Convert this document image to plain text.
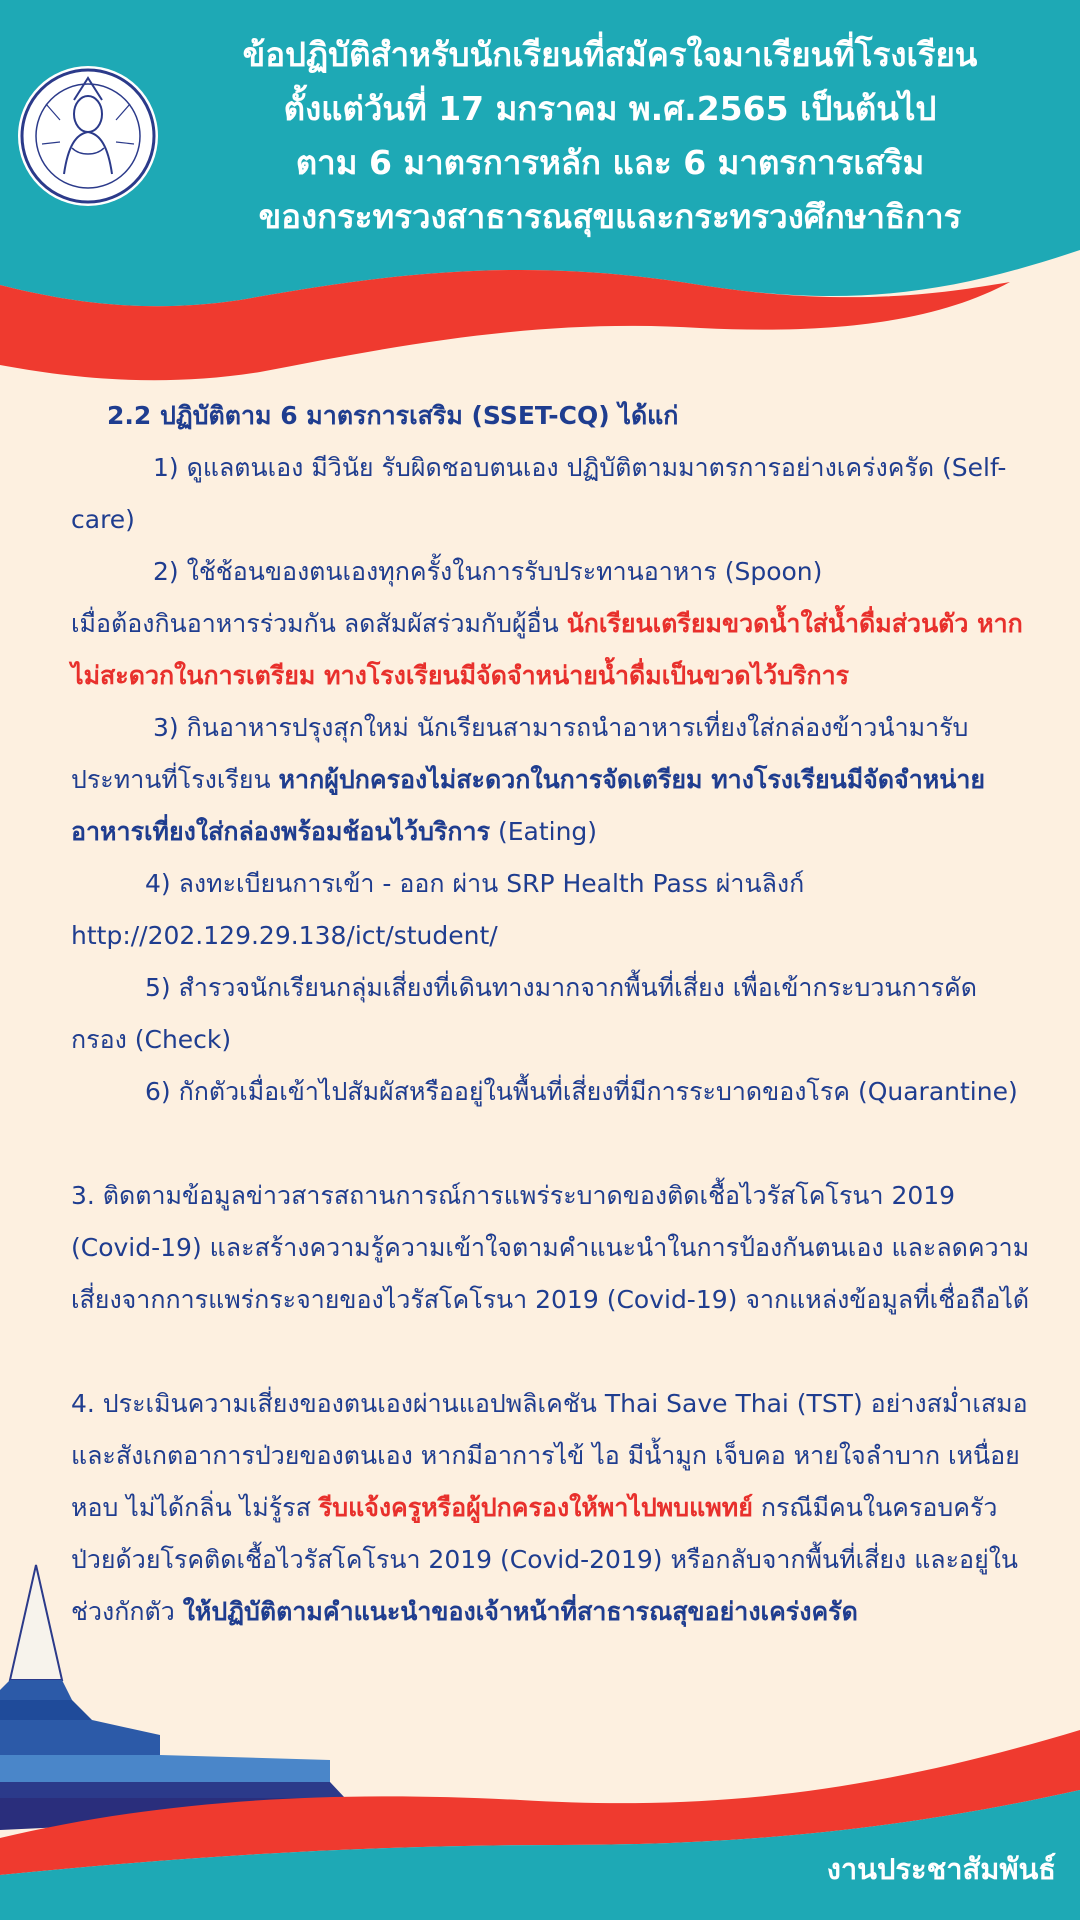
ข้อปฏิบัติสำหรับนักเรียนที่สมัครใจมาเรียนที่โรงเรียน
ตั้งแต่วันที่ 17 มกราคม พ.ศ.2565 เป็นต้นไป
ตาม 6 มาตรการหลัก และ 6 มาตรการเสริม
ของกระทรวงสาธารณสุขและกระทรวงศึกษาธิการ

2.2 ปฏิบัติตาม 6 มาตรการเสริม (SSET-CQ) ได้แก่

1) ดูแลตนเอง มีวินัย รับผิดชอบตนเอง ปฏิบัติตามมาตรการอย่างเคร่งครัด (Self-care)

2) ใช้ช้อนของตนเองทุกครั้งในการรับประทานอาหาร (Spoon)

เมื่อต้องกินอาหารร่วมกัน ลดสัมผัสร่วมกับผู้อื่น นักเรียนเตรียมขวดน้ำใส่น้ำดื่มส่วนตัว หากไม่สะดวกในการเตรียม ทางโรงเรียนมีจัดจำหน่ายน้ำดื่มเป็นขวดไว้บริการ

3) กินอาหารปรุงสุกใหม่ นักเรียนสามารถนำอาหารเที่ยงใส่กล่องข้าวนำมารับประทานที่โรงเรียน หากผู้ปกครองไม่สะดวกในการจัดเตรียม ทางโรงเรียนมีจัดจำหน่ายอาหารเที่ยงใส่กล่องพร้อมช้อนไว้บริการ (Eating)

4) ลงทะเบียนการเข้า - ออก ผ่าน SRP Health Pass ผ่านลิงก์

http://202.129.29.138/ict/student/

5) สำรวจนักเรียนกลุ่มเสี่ยงที่เดินทางมากจากพื้นที่เสี่ยง เพื่อเข้ากระบวนการคัดกรอง (Check)

6) กักตัวเมื่อเข้าไปสัมผัสหรืออยู่ในพื้นที่เสี่ยงที่มีการระบาดของโรค (Quarantine)

3. ติดตามข้อมูลข่าวสารสถานการณ์การแพร่ระบาดของติดเชื้อไวรัสโคโรนา 2019 (Covid-19) และสร้างความรู้ความเข้าใจตามคำแนะนำในการป้องกันตนเอง และลดความเสี่ยงจากการแพร่กระจายของไวรัสโคโรนา 2019 (Covid-19) จากแหล่งข้อมูลที่เชื่อถือได้

4. ประเมินความเสี่ยงของตนเองผ่านแอปพลิเคชัน Thai Save Thai (TST) อย่างสม่ำเสมอ และสังเกตอาการป่วยของตนเอง หากมีอาการไข้ ไอ มีน้ำมูก เจ็บคอ หายใจลำบาก เหนื่อยหอบ ไม่ได้กลิ่น ไม่รู้รส รีบแจ้งครูหรือผู้ปกครองให้พาไปพบแพทย์ กรณีมีคนในครอบครัวป่วยด้วยโรคติดเชื้อไวรัสโคโรนา 2019 (Covid-2019) หรือกลับจากพื้นที่เสี่ยง และอยู่ในช่วงกักตัว ให้ปฏิบัติตามคำแนะนำของเจ้าหน้าที่สาธารณสุขอย่างเคร่งครัด

งานประชาสัมพันธ์
